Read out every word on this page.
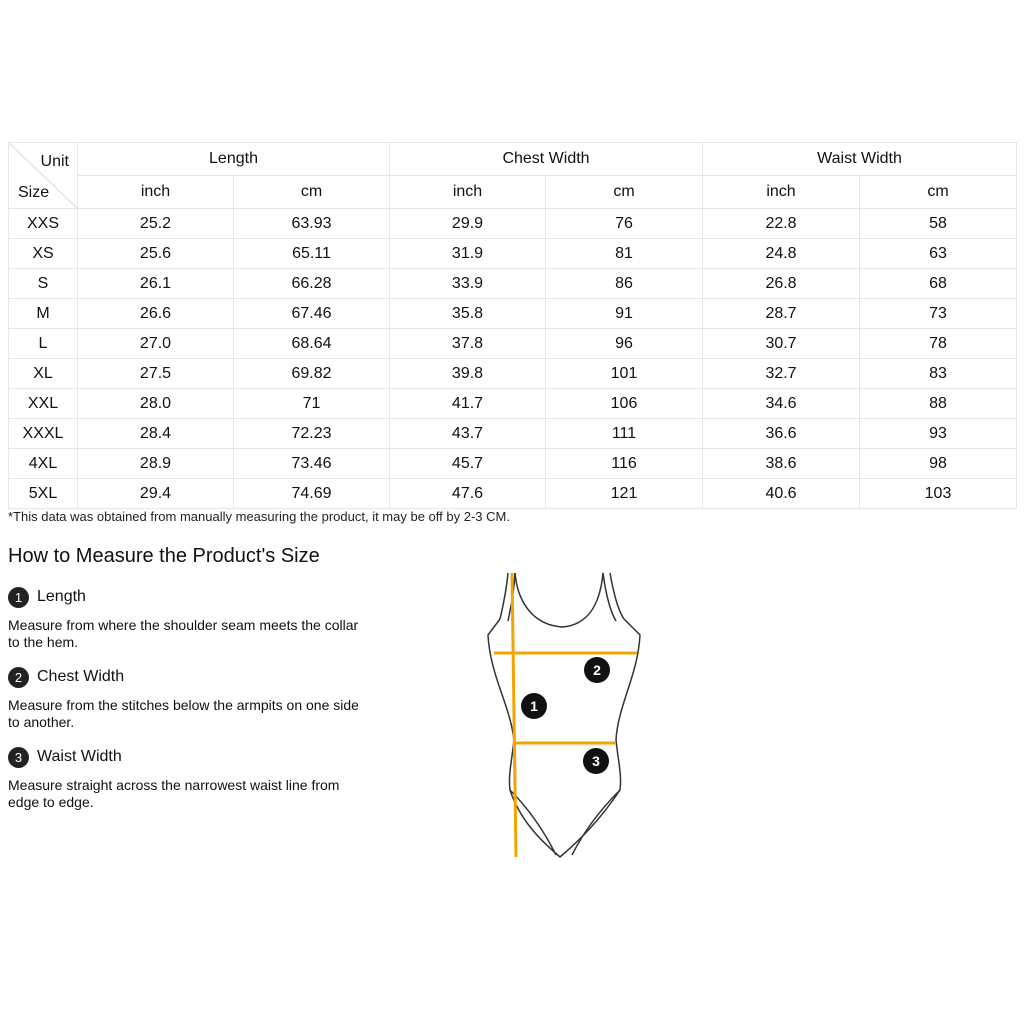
Unit
Size	Length		Chest Width		Waist Width	
	inch	cm	inch	cm	inch	cm
XXS	25.2	63.93	29.9	76	22.8	58
XS	25.6	65.11	31.9	81	24.8	63
S	26.1	66.28	33.9	86	26.8	68
M	26.6	67.46	35.8	91	28.7	73
L	27.0	68.64	37.8	96	30.7	78
XL	27.5	69.82	39.8	101	32.7	83
XXL	28.0	71	41.7	106	34.6	88
XXXL	28.4	72.23	43.7	111	36.6	93
4XL	28.9	73.46	45.7	116	38.6	98
5XL	29.4	74.69	47.6	121	40.6	103
*This data was obtained from manually measuring the product, it may be off by 2-3 CM.
How to Measure the Product's Size
1 Length
Measure from where the shoulder seam meets the collar to the hem.
2 Chest Width
Measure from the stitches below the armpits on one side to another.
3 Waist Width
Measure straight across the narrowest waist line from edge to edge.
1
2
3
